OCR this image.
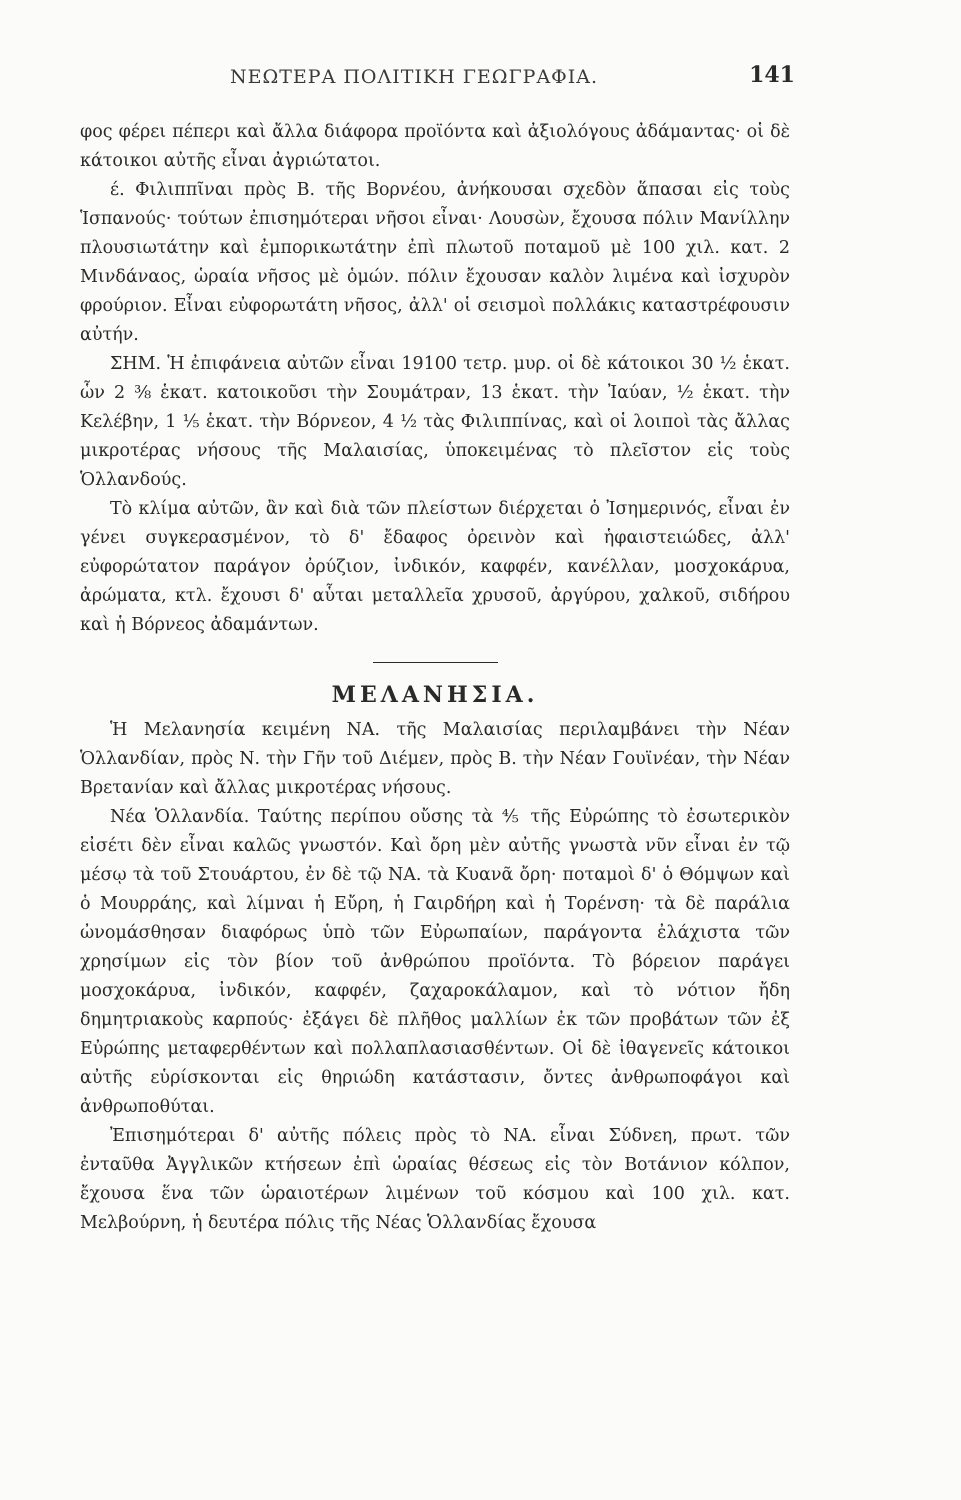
ΝΕΩΤΕΡΑ ΠΟΛΙΤΙΚΗ ΓΕΩΓΡΑΦΙΑ.	141

φος φέρει πέπερι καὶ ἄλλα διάφορα προϊόντα καὶ ἀξιολόγους ἀδάμαντας· οἱ δὲ κάτοικοι αὐτῆς εἶναι ἀγριώτατοι.

έ. Φιλιππῖναι πρὸς Β. τῆς Βορνέου, ἀνήκουσαι σχεδὸν ἅπασαι εἰς τοὺς Ἱσπανούς· τούτων ἐπισημότεραι νῆσοι εἶναι· Λουσὼν, ἔχουσα πόλιν Μανίλλην πλουσιωτάτην καὶ ἐμπορικωτάτην ἐπὶ πλωτοῦ ποταμοῦ μὲ 100 χιλ. κατ. 2 Μινδάναος, ὡραία νῆσος μὲ ὁμών. πόλιν ἔχουσαν καλὸν λιμένα καὶ ἰσχυρὸν φρούριον. Εἶναι εὐφορωτάτη νῆσος, ἀλλ' οἱ σεισμοὶ πολλάκις καταστρέφουσιν αὐτήν.

ΣΗΜ. Ἡ ἐπιφάνεια αὐτῶν εἶναι 19100 τετρ. μυρ. οἱ δὲ κάτοικοι 30 ½ ἑκατ. ὧν 2 ⅜ ἑκατ. κατοικοῦσι τὴν Σουμάτραν, 13 ἑκατ. τὴν Ἰαύαν, ½ ἑκατ. τὴν Κελέβην, 1 ⅕ ἑκατ. τὴν Βόρνεον, 4 ½ τὰς Φιλιππίνας, καὶ οἱ λοιποὶ τὰς ἄλλας μικροτέρας νήσους τῆς Μαλαισίας, ὑποκειμένας τὸ πλεῖστον εἰς τοὺς Ὁλλανδούς.

Τὸ κλίμα αὐτῶν, ἂν καὶ διὰ τῶν πλείστων διέρχεται ὁ Ἰσημερινός, εἶναι ἐν γένει συγκερασμένον, τὸ δ' ἔδαφος ὀρεινὸν καὶ ἡφαιστειώδες, ἀλλ' εὐφορώτατον παράγον ὀρύζιον, ἰνδικόν, καφφέν, κανέλλαν, μοσχοκάρυα, ἀρώματα, κτλ. ἔχουσι δ' αὗται μεταλλεῖα χρυσοῦ, ἀργύρου, χαλκοῦ, σιδήρου καὶ ἡ Βόρνεος ἀδαμάντων.

ΜΕΛΑΝΗΣΙΑ.

Ἡ Μελανησία κειμένη ΝΑ. τῆς Μαλαισίας περιλαμβάνει τὴν Νέαν Ὁλλανδίαν, πρὸς Ν. τὴν Γῆν τοῦ Διέμεν, πρὸς Β. τὴν Νέαν Γουϊνέαν, τὴν Νέαν Βρετανίαν καὶ ἄλλας μικροτέρας νήσους.

Νέα Ὁλλανδία. Ταύτης περίπου οὔσης τὰ ⅘ τῆς Εὐρώπης τὸ ἐσωτερικὸν εἰσέτι δὲν εἶναι καλῶς γνωστόν. Καὶ ὄρη μὲν αὐτῆς γνωστὰ νῦν εἶναι ἐν τῷ μέσῳ τὰ τοῦ Στουάρτου, ἐν δὲ τῷ ΝΑ. τὰ Κυανᾶ ὄρη· ποταμοὶ δ' ὁ Θόμψων καὶ ὁ Μουρράης, καὶ λίμναι ἡ Εὔρη, ἡ Γαιρδήρη καὶ ἡ Τορένση· τὰ δὲ παράλια ὠνομάσθησαν διαφόρως ὑπὸ τῶν Εὐρωπαίων, παράγοντα ἐλάχιστα τῶν χρησίμων εἰς τὸν βίον τοῦ ἀνθρώπου προϊόντα. Τὸ βόρειον παράγει μοσχοκάρυα, ἰνδικόν, καφφέν, ζαχαροκάλαμον, καὶ τὸ νότιον ἤδη δημητριακοὺς καρπούς· ἐξάγει δὲ πλῆθος μαλλίων ἐκ τῶν προβάτων τῶν ἐξ Εὐρώπης μεταφερθέντων καὶ πολλαπλασιασθέντων. Οἱ δὲ ἰθαγενεῖς κάτοικοι αὐτῆς εὑρίσκονται εἰς θηριώδη κατάστασιν, ὄντες ἀνθρωποφάγοι καὶ ἀνθρωποθύται.

Ἐπισημότεραι δ' αὐτῆς πόλεις πρὸς τὸ ΝΑ. εἶναι Σύδνεη, πρωτ. τῶν ἐνταῦθα Ἀγγλικῶν κτήσεων ἐπὶ ὡραίας θέσεως εἰς τὸν Βοτάνιον κόλπον, ἔχουσα ἕνα τῶν ὡραιοτέρων λιμένων τοῦ κόσμου καὶ 100 χιλ. κατ. Μελβούρνη, ἡ δευτέρα πόλις τῆς Νέας Ὁλλανδίας ἔχουσα
